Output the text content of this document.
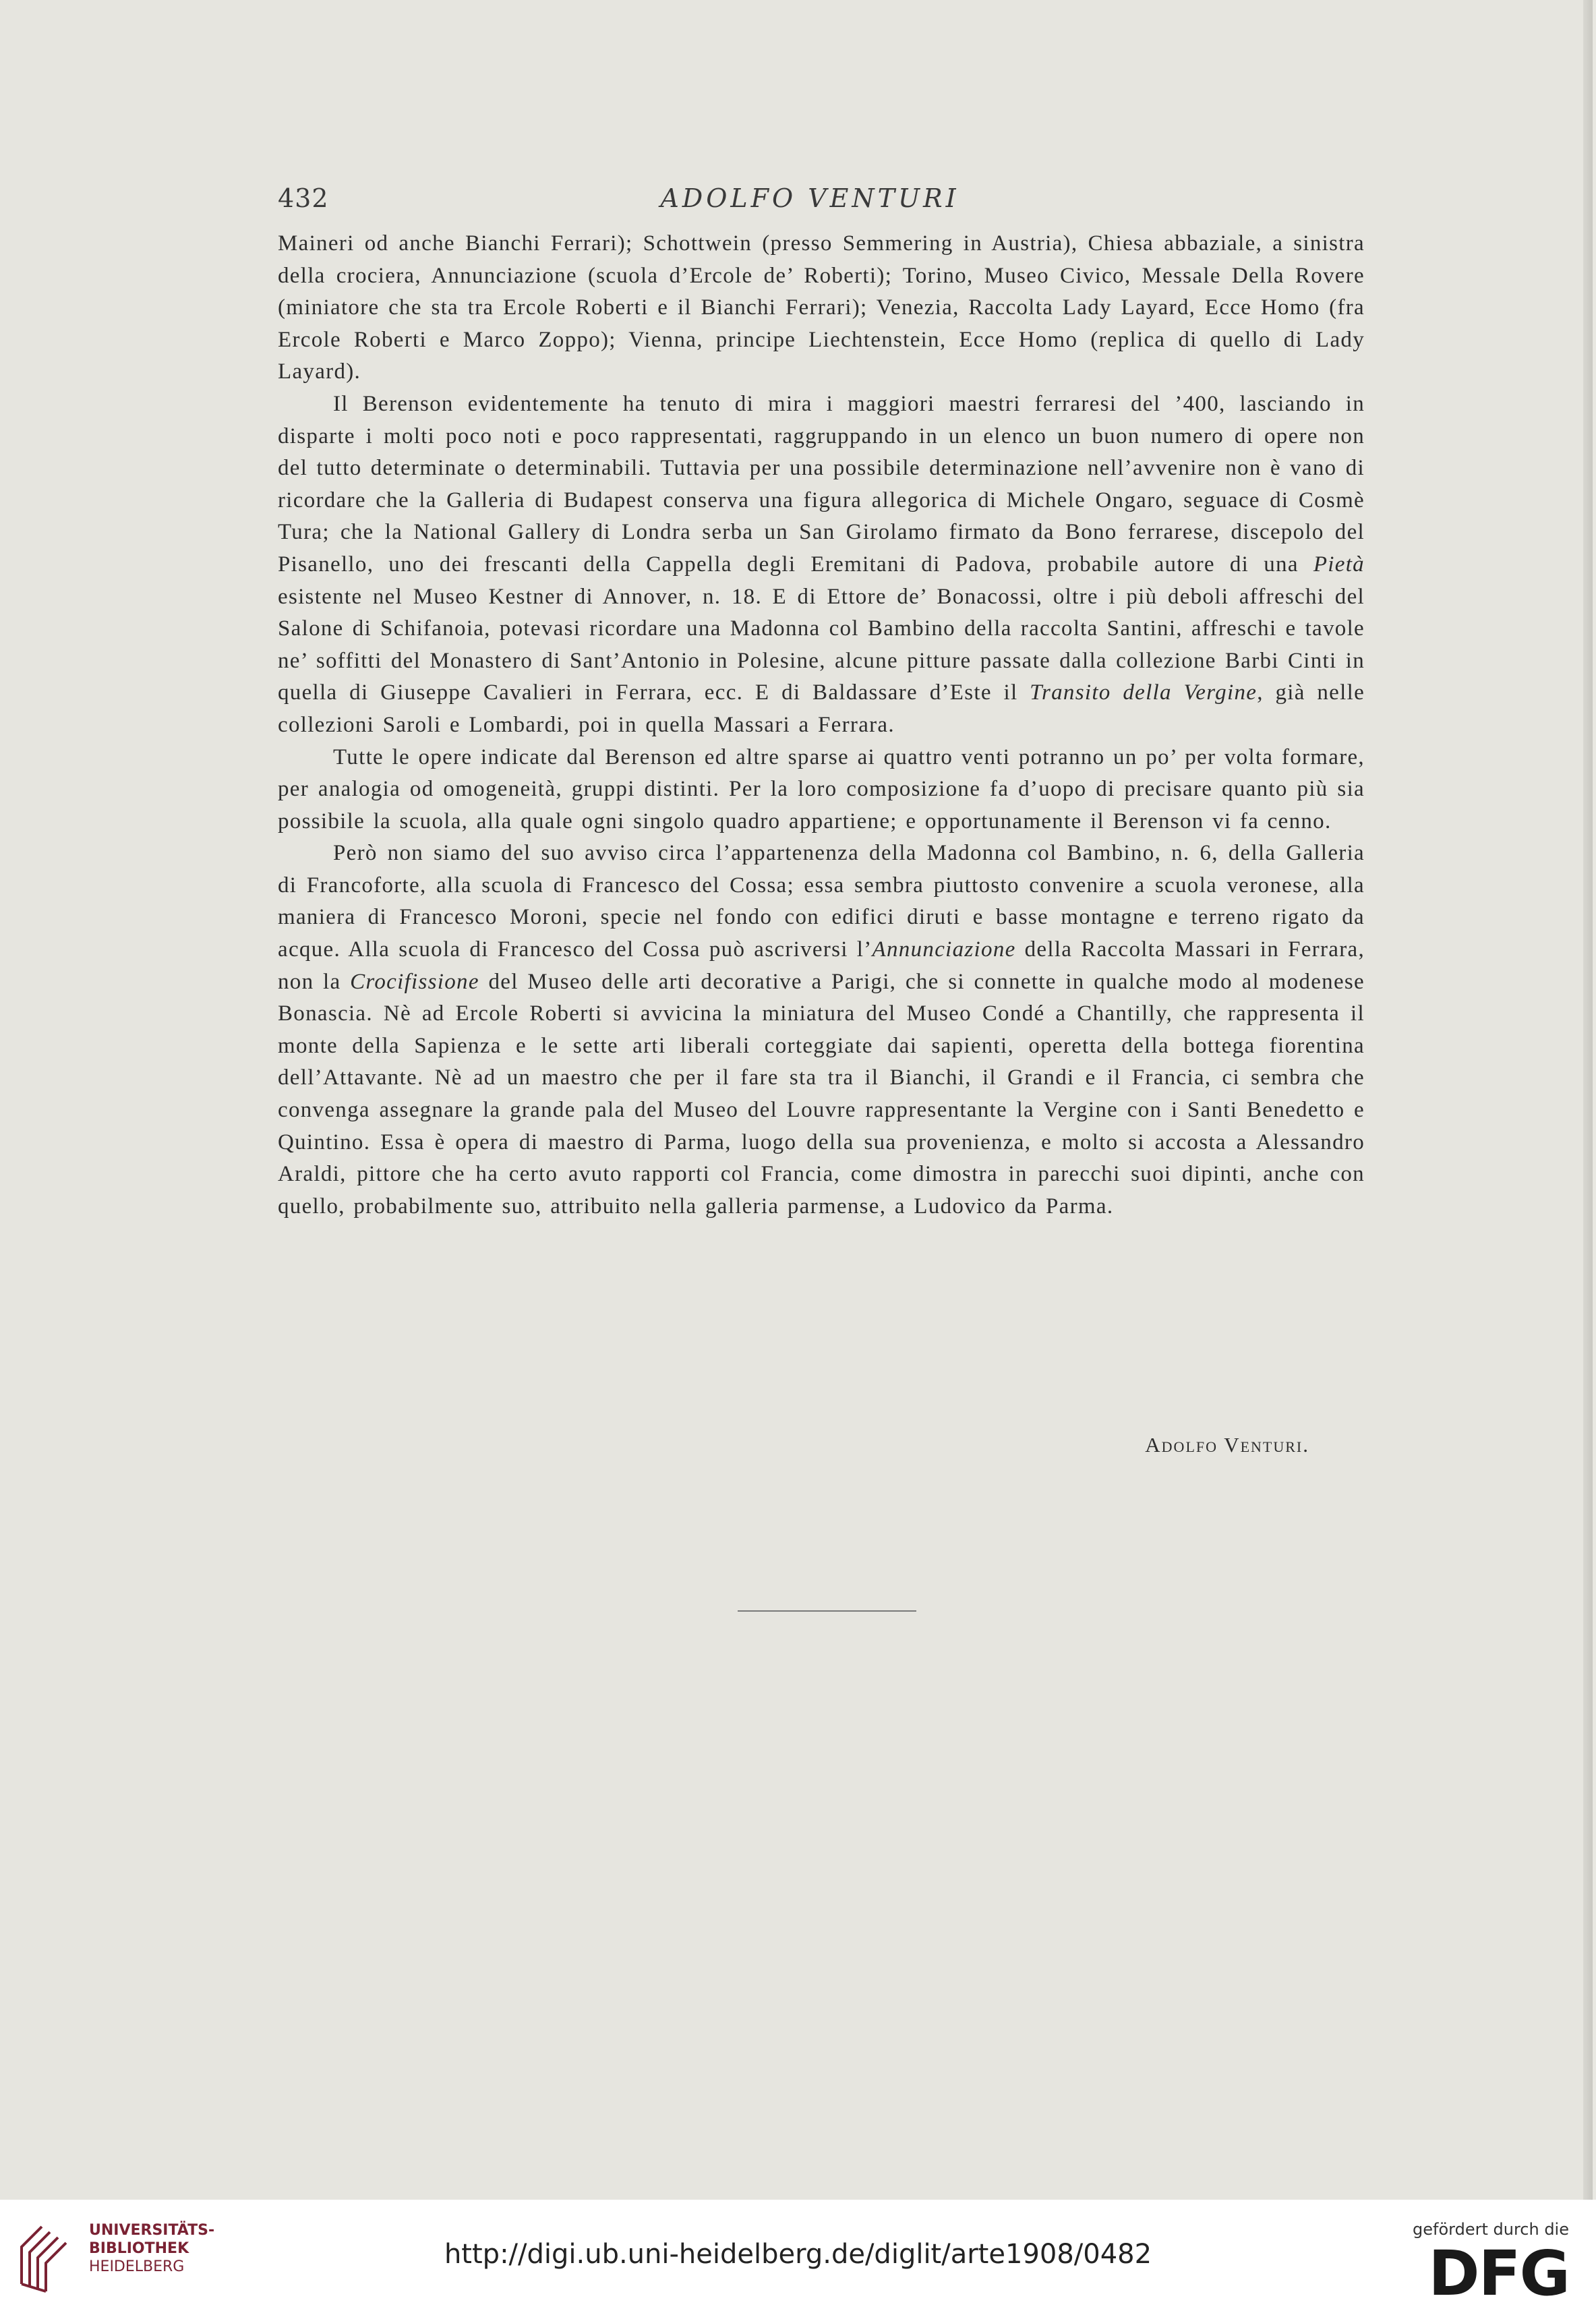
432	ADOLFO VENTURI

Maineri od anche Bianchi Ferrari); Schottwein (presso Semmering in Austria), Chiesa abbaziale, a sinistra della crociera, Annunciazione (scuola d’Ercole de’ Roberti); Torino, Museo Civico, Messale Della Rovere (miniatore che sta tra Ercole Roberti e il Bianchi Ferrari); Venezia, Raccolta Lady Layard, Ecce Homo (fra Ercole Roberti e Marco Zoppo); Vienna, principe Liechtenstein, Ecce Homo (replica di quello di Lady Layard).

Il Berenson evidentemente ha tenuto di mira i maggiori maestri ferraresi del ’400, lasciando in disparte i molti poco noti e poco rappresentati, raggruppando in un elenco un buon numero di opere non del tutto determinate o determinabili. Tuttavia per una possibile determinazione nell’avvenire non è vano di ricordare che la Galleria di Budapest conserva una figura allegorica di Michele Ongaro, seguace di Cosmè Tura; che la National Gallery di Londra serba un San Girolamo firmato da Bono ferrarese, discepolo del Pisanello, uno dei frescanti della Cappella degli Eremitani di Padova, probabile autore di una Pietà esistente nel Museo Kestner di Annover, n. 18. E di Ettore de’ Bonacossi, oltre i più deboli affreschi del Salone di Schifanoia, potevasi ricordare una Madonna col Bambino della raccolta Santini, affreschi e tavole ne’ soffitti del Monastero di Sant’Antonio in Polesine, alcune pitture passate dalla collezione Barbi Cinti in quella di Giuseppe Cavalieri in Ferrara, ecc. E di Baldassare d’Este il Transito della Vergine, già nelle collezioni Saroli e Lombardi, poi in quella Massari a Ferrara.

Tutte le opere indicate dal Berenson ed altre sparse ai quattro venti potranno un po’ per volta formare, per analogia od omogeneità, gruppi distinti. Per la loro composizione fa d’uopo di precisare quanto più sia possibile la scuola, alla quale ogni singolo quadro appartiene; e opportunamente il Berenson vi fa cenno.

Però non siamo del suo avviso circa l’appartenenza della Madonna col Bambino, n. 6, della Galleria di Francoforte, alla scuola di Francesco del Cossa; essa sembra piuttosto convenire a scuola veronese, alla maniera di Francesco Moroni, specie nel fondo con edifici diruti e basse montagne e terreno rigato da acque. Alla scuola di Francesco del Cossa può ascriversi l’Annunciazione della Raccolta Massari in Ferrara, non la Crocifissione del Museo delle arti decorative a Parigi, che si connette in qualche modo al modenese Bonascia. Nè ad Ercole Roberti si avvicina la miniatura del Museo Condé a Chantilly, che rappresenta il monte della Sapienza e le sette arti liberali corteggiate dai sapienti, operetta della bottega fiorentina dell’Attavante. Nè ad un maestro che per il fare sta tra il Bianchi, il Grandi e il Francia, ci sembra che convenga assegnare la grande pala del Museo del Louvre rappresentante la Vergine con i Santi Benedetto e Quintino. Essa è opera di maestro di Parma, luogo della sua provenienza, e molto si accosta a Alessandro Araldi, pittore che ha certo avuto rapporti col Francia, come dimostra in parecchi suoi dipinti, anche con quello, probabilmente suo, attribuito nella galleria parmense, a Ludovico da Parma.

Adolfo Venturi.
UNIVERSITÄTS-
BIBLIOTHEK
HEIDELBERG	http://digi.ub.uni-heidelberg.de/diglit/arte1908/0482
gefördert durch die
DFG
